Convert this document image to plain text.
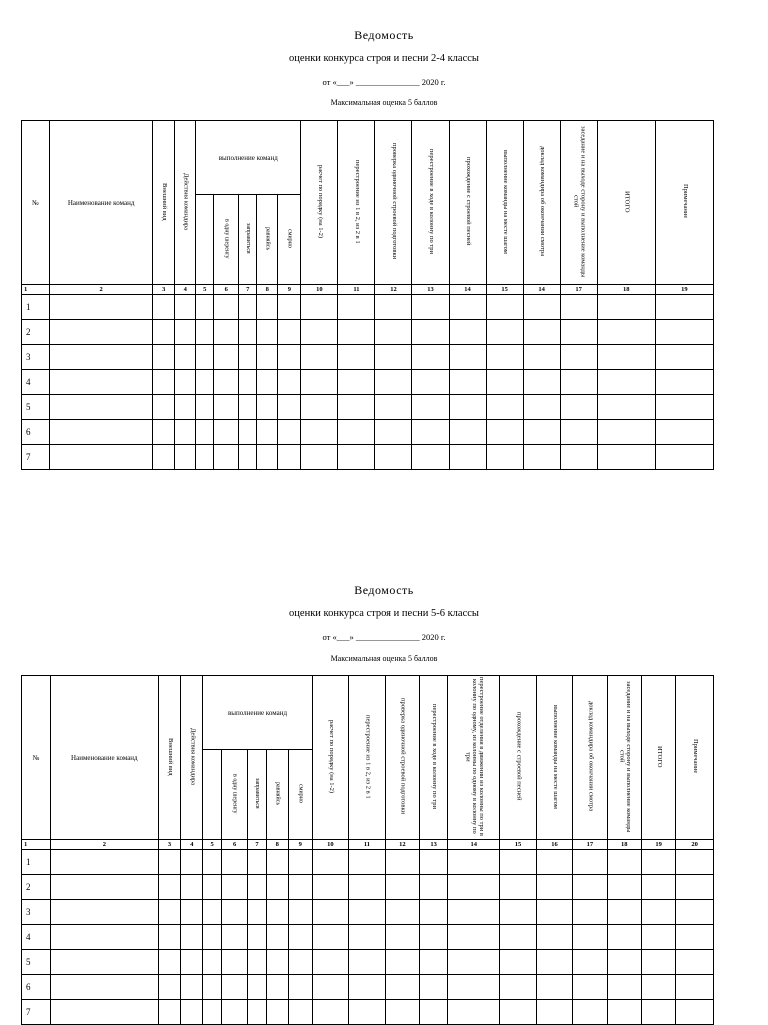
Ведомость
оценки конкурса строя и песни 2-4 классы
от «___» _______________ 2020 г.
Максимальная оценка 5 баллов
№	Наименование команд	Внешний вид	Действия командира	выполнение команд					расчет по порядку (на 1-2)	перестроение из 1 в 2, из 2 в 1	проверка одиночной строевой подготовки	перестроение в ходе в колонну по три	прохождение с строевой песней	выполнение команды на месте шагом	доклад командира об окончании смотра	заседание и на выходе сторону и выполнение команды стой	ИТОГО	Примечание
					в одну шеренгу	заправиться	равняйсь	смирно										
1	2	3	4	5	6	7	8	9	10	11	12	13	14	15	14	17	18	19
1																		
2																		
3																		
4																		
5																		
6																		
7																		
Ведомость
оценки конкурса строя и песни 5-6 классы
от «___» _______________ 2020 г.
Максимальная оценка 5 баллов
№	Наименование команд	Внешний вид	Действия командира	выполнение команд					расчет по порядку (на 1-2)	перестроение из 1 в 2, из 2 в 1	проверка одиночной строевой подготовки	перестроение в ходе в колонну по три	перестроение отделения в движении из колонны по три в колонну по одному, из колонны по одному в колонну по три	прохождение с строевой песней	выполнение команды на месте шагом	доклад командира об окончании смотра	заседание и на выходе сторону и выполнение команды стой	ИТОГО	Примечание
					в одну шеренгу	заправиться	равняйсь	смирно											
1	2	3	4	5	6	7	8	9	10	11	12	13	14	15	16	17	18	19	20
1																			
2																			
3																			
4																			
5																			
6																			
7																			
